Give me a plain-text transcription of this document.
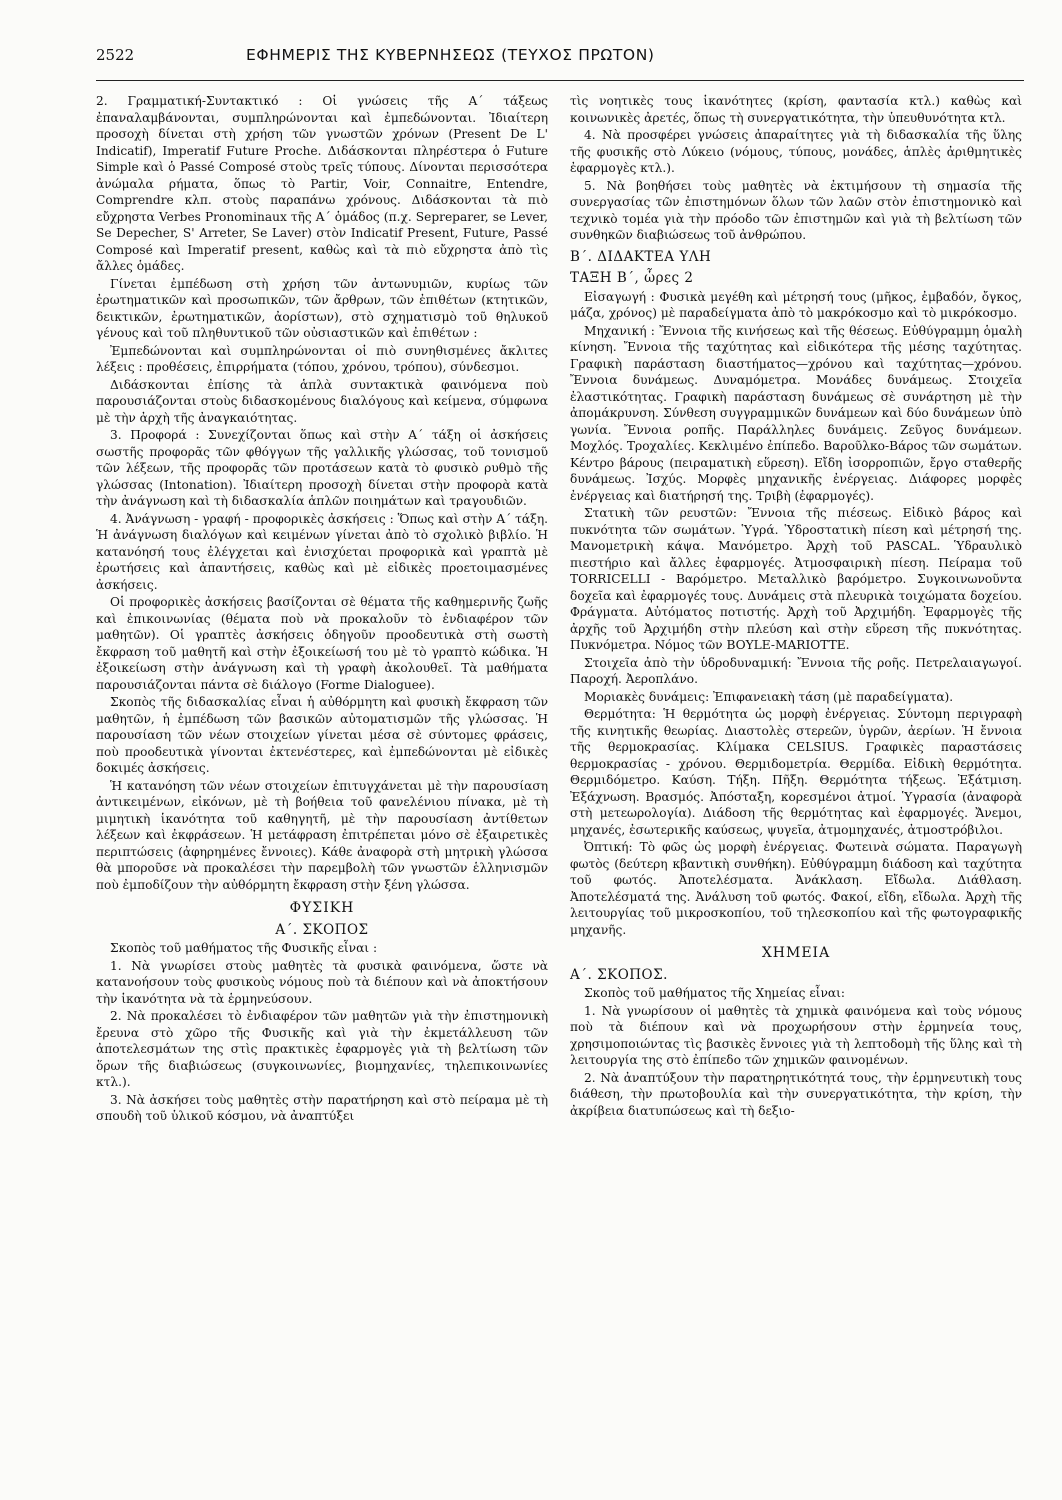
2522	ΕΦΗΜΕΡΙΣ ΤΗΣ ΚΥΒΕΡΝΗΣΕΩΣ (ΤΕΥΧΟΣ ΠΡΩΤΟΝ)

2. Γραμματική-Συντακτικό : Οἱ γνώσεις τῆς Α΄ τάξεως ἐπαναλαμβάνονται, συμπληρώνονται καὶ ἐμπεδώνονται. Ἰδιαίτερη προσοχὴ δίνεται στὴ χρήση τῶν γνωστῶν χρόνων (Present De L' Indicatif), Imperatif Future Proche. Διδάσκονται πληρέστερα ὁ Future Simple καὶ ὁ Passé Composé στοὺς τρεῖς τύπους. Δίνονται περισσότερα ἀνώμαλα ρήματα, ὅπως τὸ Partir, Voir, Connaitre, Entendre, Comprendre κλπ. στοὺς παραπάνω χρόνους. Διδάσκονται τὰ πιὸ εὔχρηστα Verbes Pronominaux τῆς Α΄ ὁμάδος (π.χ. Sepreparer, se Lever, Se Depecher, S' Arreter, Se Laver) στὸν Indicatif Present, Future, Passé Composé καὶ Imperatif present, καθὼς καὶ τὰ πιὸ εὔχρηστα ἀπὸ τὶς ἄλλες ὁμάδες.

Γίνεται ἐμπέδωση στὴ χρήση τῶν ἀντωνυμιῶν, κυρίως τῶν ἐρωτηματικῶν καὶ προσωπικῶν, τῶν ἄρθρων, τῶν ἐπιθέτων (κτητικῶν, δεικτικῶν, ἐρωτηματικῶν, ἀορίστων), στὸ σχηματισμὸ τοῦ θηλυκοῦ γένους καὶ τοῦ πληθυντικοῦ τῶν οὐσιαστικῶν καὶ ἐπιθέτων :

Ἐμπεδώνονται καὶ συμπληρώνονται οἱ πιὸ συνηθισμένες ἄκλιτες λέξεις : προθέσεις, ἐπιρρήματα (τόπου, χρόνου, τρόπου), σύνδεσμοι.

Διδάσκονται ἐπίσης τὰ ἁπλὰ συντακτικὰ φαινόμενα ποὺ παρουσιάζονται στοὺς διδασκομένους διαλόγους καὶ κείμενα, σύμφωνα μὲ τὴν ἀρχὴ τῆς ἀναγκαιότητας.

3. Προφορά : Συνεχίζονται ὅπως καὶ στὴν Α΄ τάξη οἱ ἀσκήσεις σωστῆς προφορᾶς τῶν φθόγγων τῆς γαλλικῆς γλώσσας, τοῦ τονισμοῦ τῶν λέξεων, τῆς προφορᾶς τῶν προτάσεων κατὰ τὸ φυσικὸ ρυθμὸ τῆς γλώσσας (Intonation). Ἰδιαίτερη προσοχὴ δίνεται στὴν προφορὰ κατὰ τὴν ἀνάγνωση καὶ τὴ διδασκαλία ἁπλῶν ποιημάτων καὶ τραγουδιῶν.

4. Ἀνάγνωση - γραφή - προφορικὲς ἀσκήσεις : Ὅπως καὶ στὴν Α΄ τάξη. Ἡ ἀνάγνωση διαλόγων καὶ κειμένων γίνεται ἀπὸ τὸ σχολικὸ βιβλίο. Ἡ κατανόησή τους ἐλέγχεται καὶ ἐνισχύεται προφορικὰ καὶ γραπτὰ μὲ ἐρωτήσεις καὶ ἀπαντήσεις, καθὼς καὶ μὲ εἰδικὲς προετοιμασμένες ἀσκήσεις.

Οἱ προφορικὲς ἀσκήσεις βασίζονται σὲ θέματα τῆς καθημερινῆς ζωῆς καὶ ἐπικοινωνίας (θέματα ποὺ νὰ προκαλοῦν τὸ ἐνδιαφέρον τῶν μαθητῶν). Οἱ γραπτὲς ἀσκήσεις ὁδηγοῦν προοδευτικὰ στὴ σωστὴ ἔκφραση τοῦ μαθητῆ καὶ στὴν ἐξοικείωσή του μὲ τὸ γραπτὸ κώδικα. Ἡ ἐξοικείωση στὴν ἀνάγνωση καὶ τὴ γραφὴ ἀκολουθεῖ. Τὰ μαθήματα παρουσιάζονται πάντα σὲ διάλογο (Forme Dialoguee).

Σκοπὸς τῆς διδασκαλίας εἶναι ἡ αὐθόρμητη καὶ φυσικὴ ἔκφραση τῶν μαθητῶν, ἡ ἐμπέδωση τῶν βασικῶν αὐτοματισμῶν τῆς γλώσσας. Ἡ παρουσίαση τῶν νέων στοιχείων γίνεται μέσα σὲ σύντομες φράσεις, ποὺ προοδευτικὰ γίνονται ἐκτενέστερες, καὶ ἐμπεδώνονται μὲ εἰδικὲς δοκιμές ἀσκήσεις.

Ἡ κατανόηση τῶν νέων στοιχείων ἐπιτυγχάνεται μὲ τὴν παρουσίαση ἀντικειμένων, εἰκόνων, μὲ τὴ βοήθεια τοῦ φανελένιου πίνακα, μὲ τὴ μιμητικὴ ἱκανότητα τοῦ καθηγητῆ, μὲ τὴν παρουσίαση ἀντίθετων λέξεων καὶ ἐκφράσεων. Ἡ μετάφραση ἐπιτρέπεται μόνο σὲ ἐξαιρετικὲς περιπτώσεις (ἀφηρημένες ἔννοιες). Κάθε ἀναφορὰ στὴ μητρικὴ γλώσσα θὰ μποροῦσε νὰ προκαλέσει τὴν παρεμβολὴ τῶν γνωστῶν ἑλληνισμῶν ποὺ ἐμποδίζουν τὴν αὐθόρμητη ἔκφραση στὴν ξένη γλώσσα.

ΦΥΣΙΚΗ
Α΄. ΣΚΟΠΟΣ

Σκοπὸς τοῦ μαθήματος τῆς Φυσικῆς εἶναι :

1. Νὰ γνωρίσει στοὺς μαθητὲς τὰ φυσικὰ φαινόμενα, ὥστε νὰ κατανοήσουν τοὺς φυσικοὺς νόμους ποὺ τὰ διέπουν καὶ νὰ ἀποκτήσουν τὴν ἱκανότητα νὰ τὰ ἑρμηνεύσουν.

2. Νὰ προκαλέσει τὸ ἐνδιαφέρον τῶν μαθητῶν γιὰ τὴν ἐπιστημονικὴ ἔρευνα στὸ χῶρο τῆς Φυσικῆς καὶ γιὰ τὴν ἐκμετάλλευση τῶν ἀποτελεσμάτων της στὶς πρακτικὲς ἐφαρμογὲς γιὰ τὴ βελτίωση τῶν ὅρων τῆς διαβιώσεως (συγκοινωνίες, βιομηχανίες, τηλεπικοινωνίες κτλ.).

3. Νὰ ἀσκήσει τοὺς μαθητὲς στὴν παρατήρηση καὶ στὸ πείραμα μὲ τὴ σπουδὴ τοῦ ὑλικοῦ κόσμου, νὰ ἀναπτύξει

τὶς νοητικὲς τους ἱκανότητες (κρίση, φαντασία κτλ.) καθὼς καὶ κοινωνικὲς ἀρετές, ὅπως τὴ συνεργατικότητα, τὴν ὑπευθυνότητα κτλ.

4. Νὰ προσφέρει γνώσεις ἀπαραίτητες γιὰ τὴ διδασκαλία τῆς ὕλης τῆς φυσικῆς στὸ Λύκειο (νόμους, τύπους, μονάδες, ἁπλὲς ἀριθμητικὲς ἐφαρμογὲς κτλ.).

5. Νὰ βοηθήσει τοὺς μαθητὲς νὰ ἐκτιμήσουν τὴ σημασία τῆς συνεργασίας τῶν ἐπιστημόνων ὅλων τῶν λαῶν στὸν ἐπιστημονικὸ καὶ τεχνικὸ τομέα γιὰ τὴν πρόοδο τῶν ἐπιστημῶν καὶ γιὰ τὴ βελτίωση τῶν συνθηκῶν διαβιώσεως τοῦ ἀνθρώπου.

Β΄. ΔΙΔΑΚΤΕΑ ΥΛΗ
ΤΑΞΗ Β΄, ὧρες 2

Εἰσαγωγή : Φυσικὰ μεγέθη καὶ μέτρησή τους (μῆκος, ἐμβαδόν, ὄγκος, μάζα, χρόνος) μὲ παραδείγματα ἀπὸ τὸ μακρόκοσμο καὶ τὸ μικρόκοσμο.

Μηχανική : Ἔννοια τῆς κινήσεως καὶ τῆς θέσεως. Εὐθύγραμμη ὁμαλὴ κίνηση. Ἔννοια τῆς ταχύτητας καὶ εἰδικότερα τῆς μέσης ταχύτητας. Γραφικὴ παράσταση διαστήματος—χρόνου καὶ ταχύτητας—χρόνου. Ἔννοια δυνάμεως. Δυναμόμετρα. Μονάδες δυνάμεως. Στοιχεῖα ἐλαστικότητας. Γραφικὴ παράσταση δυνάμεως σὲ συνάρτηση μὲ τὴν ἀπομάκρυνση. Σύνθεση συγγραμμικῶν δυνάμεων καὶ δύο δυνάμεων ὑπὸ γωνία. Ἔννοια ροπῆς. Παράλληλες δυνάμεις. Ζεῦγος δυνάμεων. Μοχλός. Τροχαλίες. Κεκλιμένο ἐπίπεδο. Βαροῦλκο-Βάρος τῶν σωμάτων. Κέντρο βάρους (πειραματικὴ εὕρεση). Εἴδη ἰσορροπιῶν, ἔργο σταθερῆς δυνάμεως. Ἰσχύς. Μορφὲς μηχανικῆς ἐνέργειας. Διάφορες μορφὲς ἐνέργειας καὶ διατήρησή της. Τριβὴ (ἐφαρμογές).

Στατικὴ τῶν ρευστῶν: Ἔννοια τῆς πιέσεως. Εἰδικὸ βάρος καὶ πυκνότητα τῶν σωμάτων. Ὑγρά. Ὑδροστατικὴ πίεση καὶ μέτρησή της. Μανομετρικὴ κάψα. Μανόμετρο. Ἀρχὴ τοῦ PASCAL. Ὑδραυλικὸ πιεστήριο καὶ ἄλλες ἐφαρμογές. Ἀτμοσφαιρικὴ πίεση. Πείραμα τοῦ TORRICELLI - Βαρόμετρο. Μεταλλικὸ βαρόμετρο. Συγκοινωνοῦντα δοχεῖα καὶ ἐφαρμογές τους. Δυνάμεις στὰ πλευρικὰ τοιχώματα δοχείου. Φράγματα. Αὐτόματος ποτιστής. Ἀρχὴ τοῦ Ἀρχιμήδη. Ἐφαρμογὲς τῆς ἀρχῆς τοῦ Ἀρχιμήδη στὴν πλεύση καὶ στὴν εὕρεση τῆς πυκνότητας. Πυκνόμετρα. Νόμος τῶν BOYLE-MARIOTTE.

Στοιχεῖα ἀπὸ τὴν ὑδροδυναμική: Ἔννοια τῆς ροῆς. Πετρελαιαγωγοί. Παροχή. Ἀεροπλάνο.

Μοριακὲς δυνάμεις: Ἐπιφανειακὴ τάση (μὲ παραδείγματα).

Θερμότητα: Ἡ θερμότητα ὡς μορφὴ ἐνέργειας. Σύντομη περιγραφὴ τῆς κινητικῆς θεωρίας. Διαστολὲς στερεῶν, ὑγρῶν, ἀερίων. Ἡ ἔννοια τῆς θερμοκρασίας. Κλίμακα CELSIUS. Γραφικὲς παραστάσεις θερμοκρασίας - χρόνου. Θερμιδομετρία. Θερμίδα. Εἰδικὴ θερμότητα. Θερμιδόμετρο. Καύση. Τήξη. Πῆξη. Θερμότητα τήξεως. Ἐξάτμιση. Ἐξάχνωση. Βρασμός. Ἀπόσταξη, κορεσμένοι ἀτμοί. Ὑγρασία (ἀναφορὰ στὴ μετεωρολογία). Διάδοση τῆς θερμότητας καὶ ἐφαρμογές. Ἄνεμοι, μηχανές, ἐσωτερικῆς καύσεως, ψυγεῖα, ἀτμομηχανές, ἀτμοστρόβιλοι.

Ὀπτική: Τὸ φῶς ὡς μορφὴ ἐνέργειας. Φωτεινὰ σώματα. Παραγωγὴ φωτὸς (δεύτερη κβαντικὴ συνθήκη). Εὐθύγραμμη διάδοση καὶ ταχύτητα τοῦ φωτός. Ἀποτελέσματα. Ἀνάκλαση. Εἴδωλα. Διάθλαση. Ἀποτελέσματά της. Ἀνάλυση τοῦ φωτός. Φακοί, εἴδη, εἴδωλα. Ἀρχὴ τῆς λειτουργίας τοῦ μικροσκοπίου, τοῦ τηλεσκοπίου καὶ τῆς φωτογραφικῆς μηχανῆς.

ΧΗΜΕΙΑ
Α΄. ΣΚΟΠΟΣ.

Σκοπὸς τοῦ μαθήματος τῆς Χημείας εἶναι:

1. Νὰ γνωρίσουν οἱ μαθητὲς τὰ χημικὰ φαινόμενα καὶ τοὺς νόμους ποὺ τὰ διέπουν καὶ νὰ προχωρήσουν στὴν ἑρμηνεία τους, χρησιμοποιώντας τὶς βασικὲς ἔννοιες γιὰ τὴ λεπτοδομὴ τῆς ὕλης καὶ τὴ λειτουργία της στὸ ἐπίπεδο τῶν χημικῶν φαινομένων.

2. Νὰ ἀναπτύξουν τὴν παρατηρητικότητά τους, τὴν ἑρμηνευτικὴ τους διάθεση, τὴν πρωτοβουλία καὶ τὴν συνεργατικότητα, τὴν κρίση, τὴν ἀκρίβεια διατυπώσεως καὶ τὴ δεξιο-
